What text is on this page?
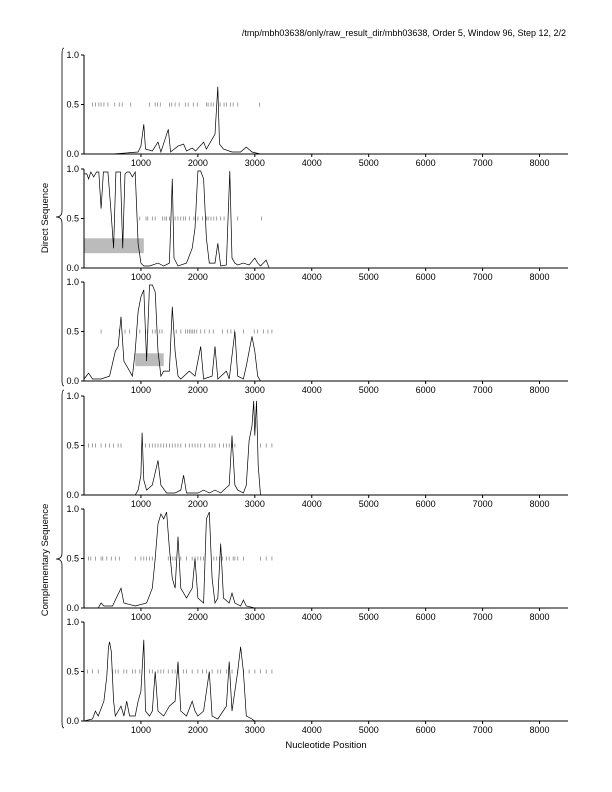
/tmp/mbh03638/only/raw_result_dir/mbh03638, Order 5, Window 96, Step 12, 2/2
0.0
0.5
1.0
1000	2000	3000	4000	5000	6000	7000	8000
0.0
0.5
1.0
1000	2000	3000	4000	5000	6000	7000	8000
0.0
0.5
1.0
1000	2000	3000	4000	5000	6000	7000	8000
0.0
0.5
1.0
1000	2000	3000	4000	5000	6000	7000	8000
0.0
0.5
1.0
1000	2000	3000	4000	5000	6000	7000	8000
0.0
0.5
1.0
1000	2000	3000	4000	5000	6000	7000	8000
Direct Sequence
Complementary Sequence
Nucleotide Position
